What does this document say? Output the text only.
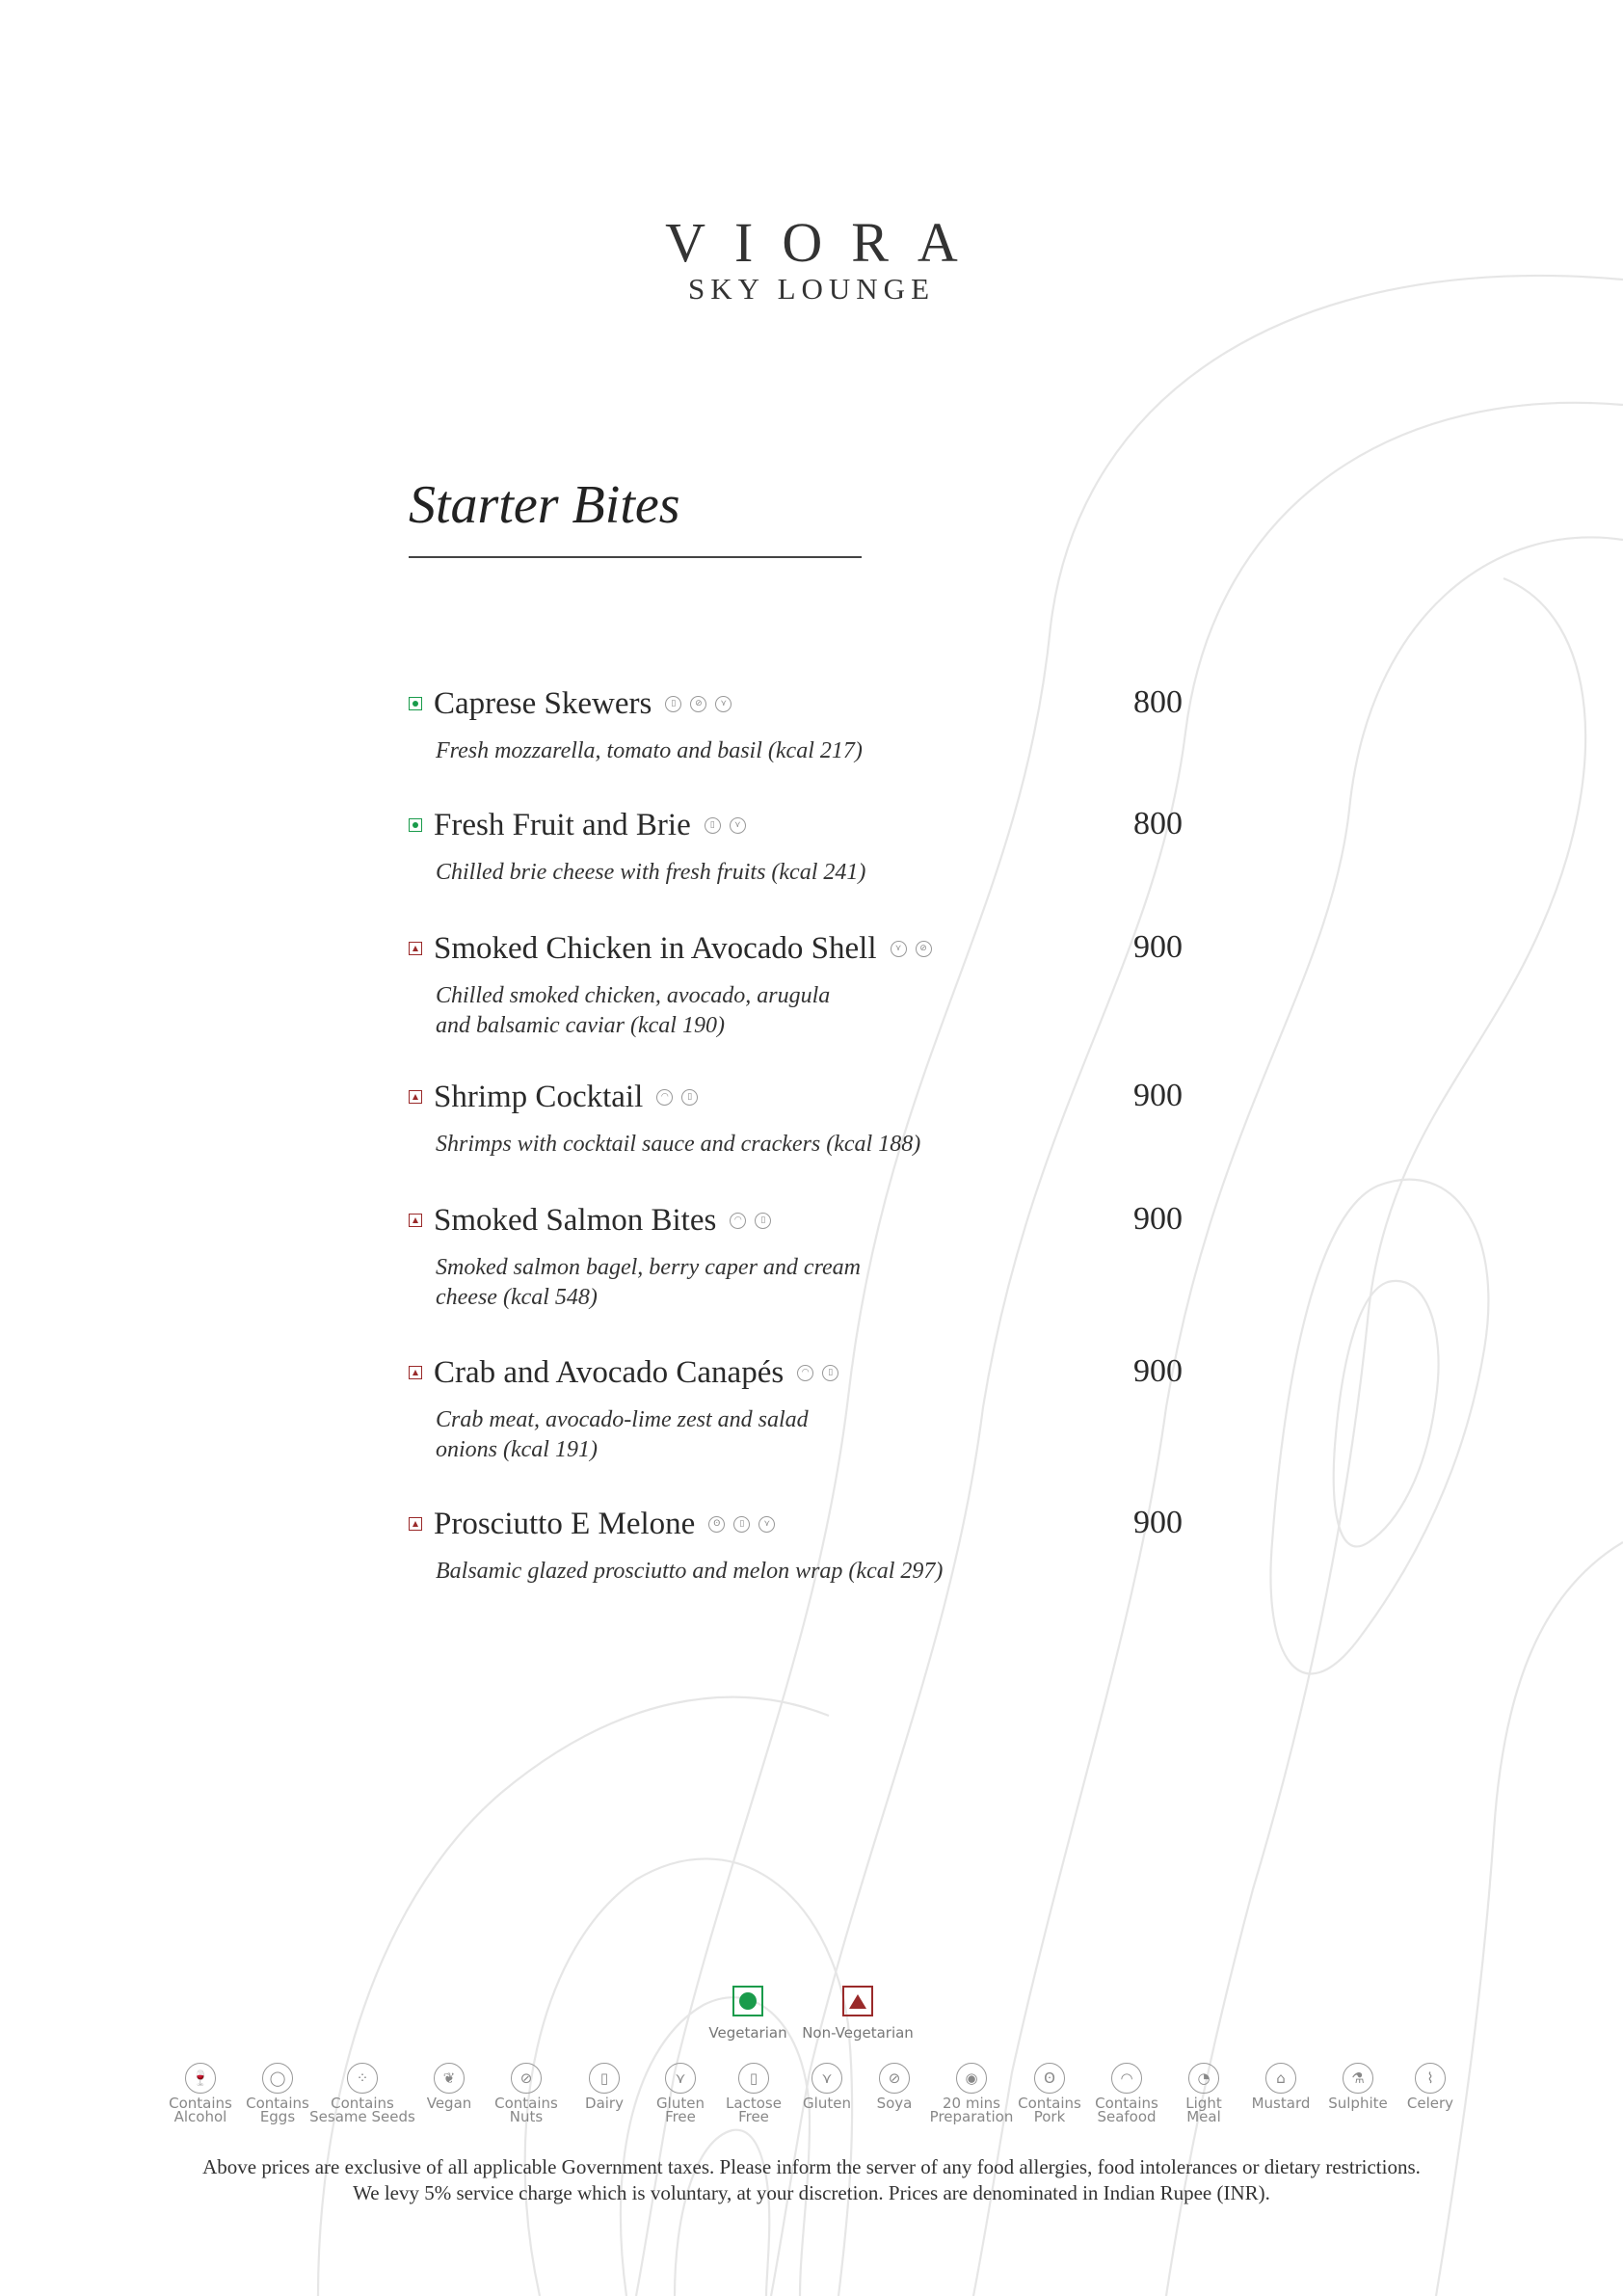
VIORA
SKY LOUNGE
Starter Bites
Caprese Skewers	▯	⊘	⋎	800
Fresh mozzarella, tomato and basil (kcal 217)
Fresh Fruit and Brie	▯	⋎	800
Chilled brie cheese with fresh fruits (kcal 241)
Smoked Chicken in Avocado Shell	⋎	⊘	900
Chilled smoked chicken, avocado, arugula
and balsamic caviar (kcal 190)
Shrimp Cocktail	◠	▯	900
Shrimps with cocktail sauce and crackers (kcal 188)
Smoked Salmon Bites	◠	▯	900
Smoked salmon bagel, berry caper and cream
cheese (kcal 548)
Crab and Avocado Canapés	◠	▯	900
Crab meat, avocado-lime zest and salad
onions (kcal 191)
Prosciutto E Melone	ʘ	▯	⋎	900
Balsamic glazed prosciutto and melon wrap (kcal 297)
Vegetarian Non-Vegetarian
🍷
Contains
Alcohol
◯
Contains
Eggs
⁘
Contains
Sesame Seeds
❦
Vegan
⊘
Contains
Nuts
▯
Dairy
⋎
Gluten
Free
▯
Lactose
Free
⋎
Gluten
⊘
Soya
◉
20 mins
Preparation
ʘ
Contains
Pork
◠
Contains
Seafood
◔
Light
Meal
⌂
Mustard
⚗
Sulphite
⌇
Celery
Above prices are exclusive of all applicable Government taxes. Please inform the server of any food allergies, food intolerances or dietary restrictions.
We levy 5% service charge which is voluntary, at your discretion. Prices are denominated in Indian Rupee (INR).
